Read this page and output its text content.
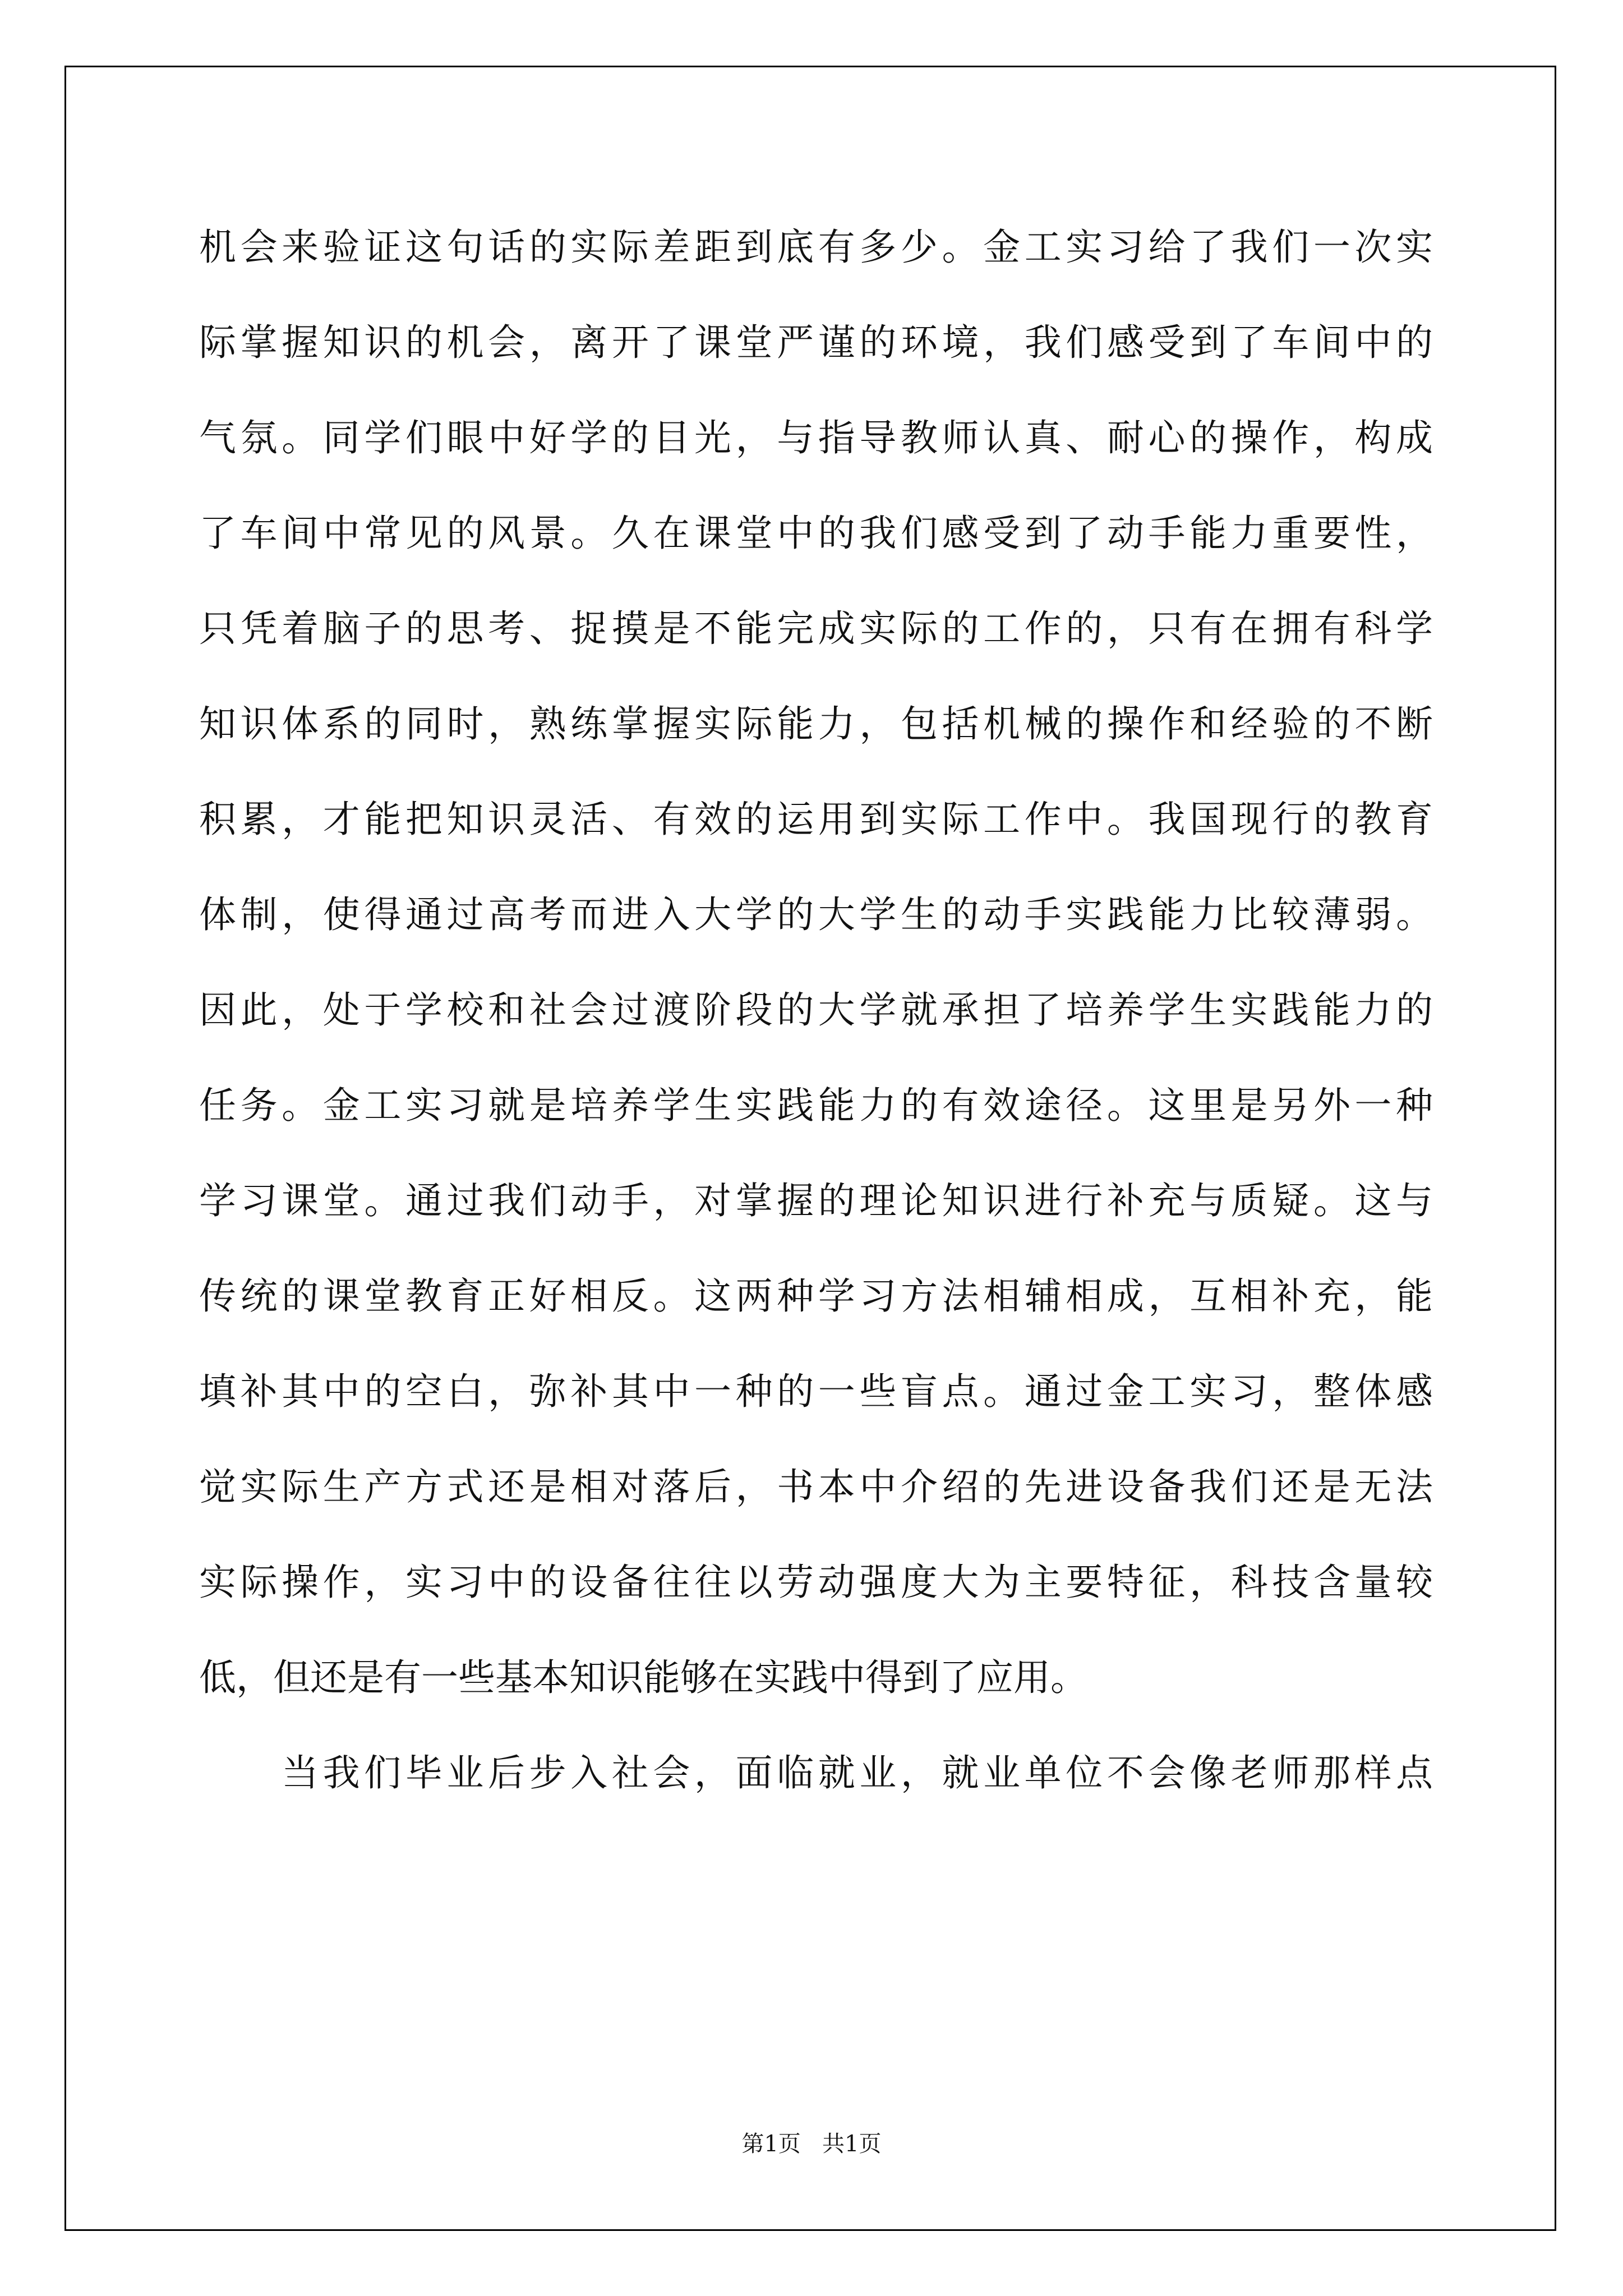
机会来验证这句话的实际差距到底有多少。金工实习给了我们一次实
际掌握知识的机会，离开了课堂严谨的环境，我们感受到了车间中的
气氛。同学们眼中好学的目光，与指导教师认真、耐心的操作，构成
了车间中常见的风景。久在课堂中的我们感受到了动手能力重要性，
只凭着脑子的思考、捉摸是不能完成实际的工作的，只有在拥有科学
知识体系的同时，熟练掌握实际能力，包括机械的操作和经验的不断
积累，才能把知识灵活、有效的运用到实际工作中。我国现行的教育
体制，使得通过高考而进入大学的大学生的动手实践能力比较薄弱。
因此，处于学校和社会过渡阶段的大学就承担了培养学生实践能力的
任务。金工实习就是培养学生实践能力的有效途径。这里是另外一种
学习课堂。通过我们动手，对掌握的理论知识进行补充与质疑。这与
传统的课堂教育正好相反。这两种学习方法相辅相成，互相补充，能
填补其中的空白，弥补其中一种的一些盲点。通过金工实习，整体感
觉实际生产方式还是相对落后，书本中介绍的先进设备我们还是无法
实际操作，实习中的设备往往以劳动强度大为主要特征，科技含量较
低，但还是有一些基本知识能够在实践中得到了应用。
当我们毕业后步入社会，面临就业，就业单位不会像老师那样点
第1页   共1页
